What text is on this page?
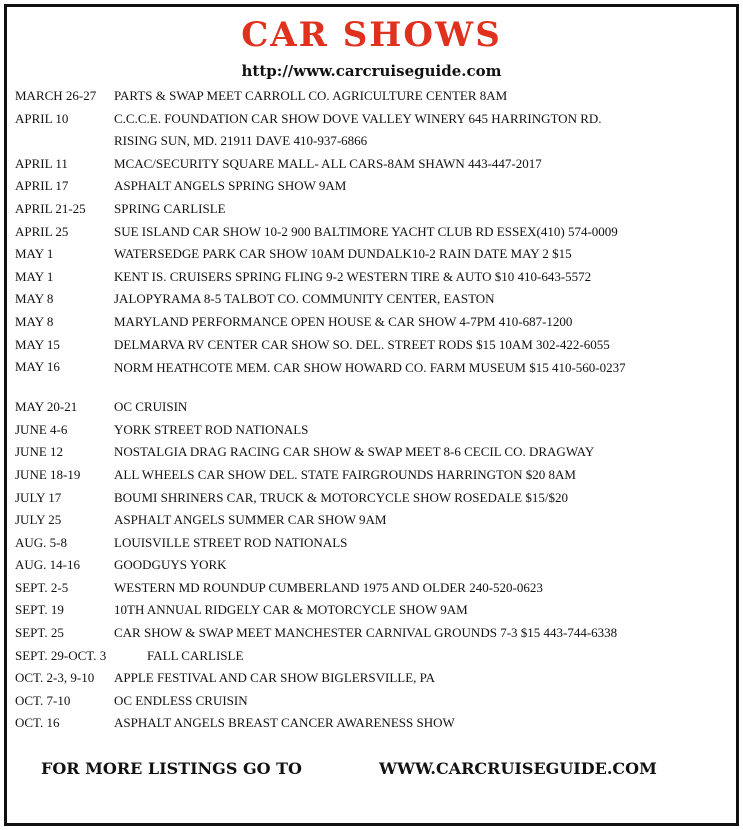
CAR SHOWS
http://www.carcruiseguide.com
MARCH 26-27 PARTS & SWAP MEET CARROLL CO. AGRICULTURE CENTER 8AM
APRIL 10	C.C.C.E. FOUNDATION CAR SHOW DOVE VALLEY WINERY 645 HARRINGTON RD.
RISING SUN, MD. 21911 DAVE 410-937-6866
APRIL 11	MCAC/SECURITY SQUARE MALL- ALL CARS-8AM SHAWN 443-447-2017
APRIL 17	ASPHALT ANGELS SPRING SHOW 9AM
APRIL 21-25 SPRING CARLISLE
APRIL 25	SUE ISLAND CAR SHOW 10-2 900 BALTIMORE YACHT CLUB RD ESSEX(410) 574-0009
MAY 1	WATERSEDGE PARK CAR SHOW 10AM DUNDALK10-2 RAIN DATE MAY 2 $15
MAY 1	KENT IS. CRUISERS SPRING FLING 9-2 WESTERN TIRE & AUTO $10 410-643-5572
MAY 8	JALOPYRAMA 8-5 TALBOT CO. COMMUNITY CENTER, EASTON
MAY 8	MARYLAND PERFORMANCE OPEN HOUSE & CAR SHOW 4-7PM 410-687-1200
MAY 15	DELMARVA RV CENTER CAR SHOW SO. DEL. STREET RODS $15 10AM 302-422-6055
MAY 16	NORM HEATHCOTE MEM. CAR SHOW HOWARD CO. FARM MUSEUM $15 410-560-0237
MAY 20-21	OC CRUISIN
JUNE 4-6	YORK STREET ROD NATIONALS
JUNE 12	NOSTALGIA DRAG RACING CAR SHOW & SWAP MEET 8-6 CECIL CO. DRAGWAY
JUNE 18-19	ALL WHEELS CAR SHOW DEL. STATE FAIRGROUNDS HARRINGTON $20 8AM
JULY 17	BOUMI SHRINERS CAR, TRUCK & MOTORCYCLE SHOW ROSEDALE $15/$20
JULY 25	ASPHALT ANGELS SUMMER CAR SHOW 9AM
AUG. 5-8	LOUISVILLE STREET ROD NATIONALS
AUG. 14-16	GOODGUYS YORK
SEPT. 2-5	WESTERN MD ROUNDUP CUMBERLAND 1975 AND OLDER 240-520-0623
SEPT. 19	10TH ANNUAL RIDGELY CAR & MOTORCYCLE SHOW 9AM
SEPT. 25	CAR SHOW & SWAP MEET MANCHESTER CARNIVAL GROUNDS 7-3 $15 443-744-6338
SEPT. 29-OCT. 3	FALL CARLISLE
OCT. 2-3, 9-10 APPLE FESTIVAL AND CAR SHOW BIGLERSVILLE, PA
OCT. 7-10	OC ENDLESS CRUISIN
OCT. 16	ASPHALT ANGELS BREAST CANCER AWARENESS SHOW
FOR MORE LISTINGS GO TO	WWW.CARCRUISEGUIDE.COM
